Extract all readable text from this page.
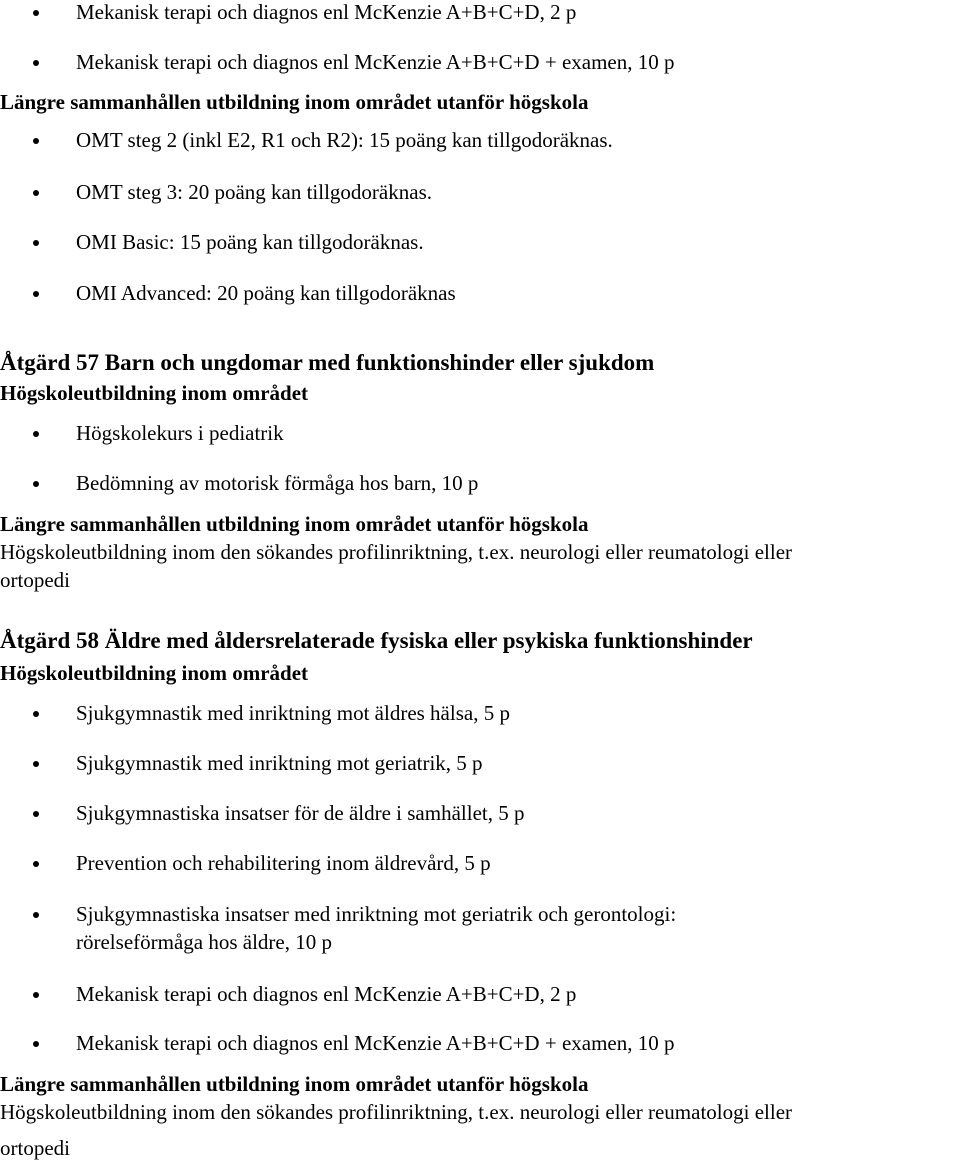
Mekanisk terapi och diagnos enl McKenzie A+B+C+D, 2 p
Mekanisk terapi och diagnos enl McKenzie A+B+C+D + examen, 10 p
Längre sammanhållen utbildning inom området utanför högskola
OMT steg 2 (inkl E2, R1 och R2): 15 poäng kan tillgodoräknas.
OMT steg 3: 20 poäng kan tillgodoräknas.
OMI Basic: 15 poäng kan tillgodoräknas.
OMI Advanced: 20 poäng kan tillgodoräknas
Åtgärd 57 Barn och ungdomar med funktionshinder eller sjukdom
Högskoleutbildning inom området
Högskolekurs i pediatrik
Bedömning av motorisk förmåga hos barn, 10 p
Längre sammanhållen utbildning inom området utanför högskola
Högskoleutbildning inom den sökandes profilinriktning, t.ex. neurologi eller reumatologi eller
ortopedi
Åtgärd 58 Äldre med åldersrelaterade fysiska eller psykiska funktionshinder
Högskoleutbildning inom området
Sjukgymnastik med inriktning mot äldres hälsa, 5 p
Sjukgymnastik med inriktning mot geriatrik, 5 p
Sjukgymnastiska insatser för de äldre i samhället, 5 p
Prevention och rehabilitering inom äldrevård, 5 p
Sjukgymnastiska insatser med inriktning mot geriatrik och gerontologi:
rörelseförmåga hos äldre, 10 p
Mekanisk terapi och diagnos enl McKenzie A+B+C+D, 2 p
Mekanisk terapi och diagnos enl McKenzie A+B+C+D + examen, 10 p
Längre sammanhållen utbildning inom området utanför högskola
Högskoleutbildning inom den sökandes profilinriktning, t.ex. neurologi eller reumatologi eller
ortopedi
